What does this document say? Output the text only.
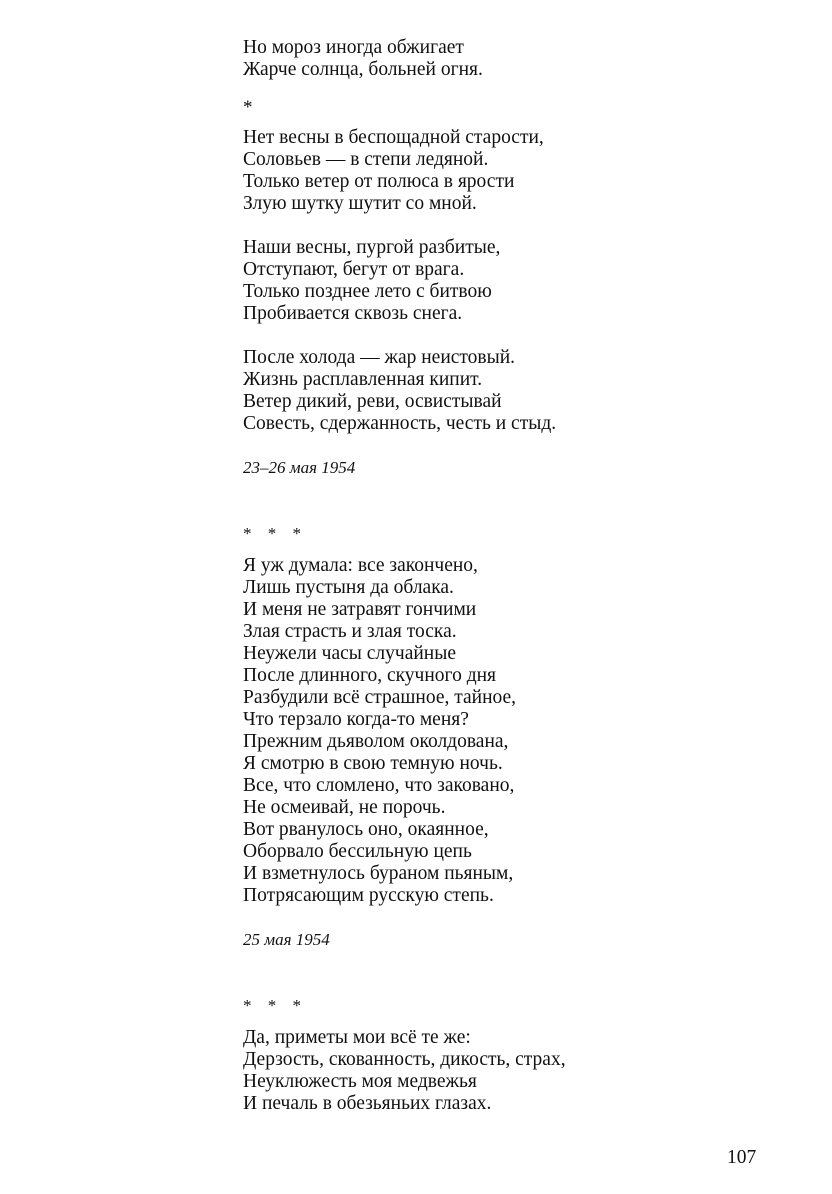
Но мороз иногда обжигает
Жарче солнца, больней огня.
*
Нет весны в беспощадной старости,
Соловьев — в степи ледяной.
Только ветер от полюса в ярости
Злую шутку шутит со мной.
Наши весны, пургой разбитые,
Отступают, бегут от врага.
Только позднее лето с битвою
Пробивается сквозь снега.
После холода — жар неистовый.
Жизнь расплавленная кипит.
Ветер дикий, реви, освистывай
Совесть, сдержанность, честь и стыд.
23–26 мая 1954
* * *
Я уж думала: все закончено,
Лишь пустыня да облака.
И меня не затравят гончими
Злая страсть и злая тоска.
Неужели часы случайные
После длинного, скучного дня
Разбудили всё страшное, тайное,
Что терзало когда-то меня?
Прежним дьяволом околдована,
Я смотрю в свою темную ночь.
Все, что сломлено, что заковано,
Не осмеивай, не порочь.
Вот рванулось оно, окаянное,
Оборвало бессильную цепь
И взметнулось бураном пьяным,
Потрясающим русскую степь.
25 мая 1954
* * *
Да, приметы мои всё те же:
Дерзость, скованность, дикость, страх,
Неуклюжесть моя медвежья
И печаль в обезьяньих глазах.
107
